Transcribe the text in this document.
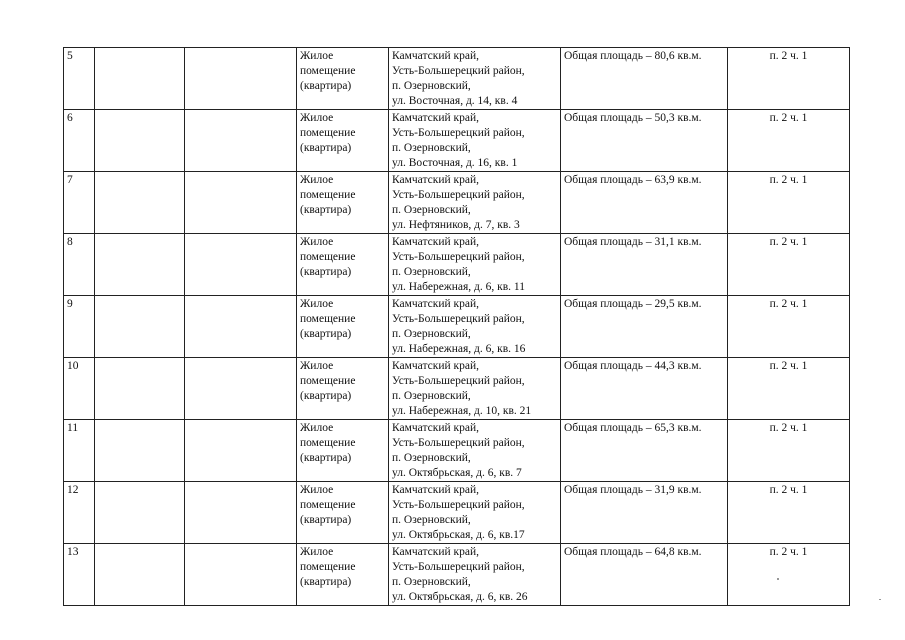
5			Жилое
помещение
(квартира)	Камчатский край,
Усть-Большерецкий район,
п. Озерновский,
ул. Восточная, д. 14, кв. 4	Общая площадь – 80,6 кв.м.	п. 2 ч. 1

6			Жилое
помещение
(квартира)	Камчатский край,
Усть-Большерецкий район,
п. Озерновский,
ул. Восточная, д. 16, кв. 1	Общая площадь – 50,3 кв.м.	п. 2 ч. 1

7			Жилое
помещение
(квартира)	Камчатский край,
Усть-Большерецкий район,
п. Озерновский,
ул. Нефтяников, д. 7, кв. 3	Общая площадь – 63,9 кв.м.	п. 2 ч. 1

8			Жилое
помещение
(квартира)	Камчатский край,
Усть-Большерецкий район,
п. Озерновский,
ул. Набережная, д. 6, кв. 11	Общая площадь – 31,1 кв.м.	п. 2 ч. 1

9			Жилое
помещение
(квартира)	Камчатский край,
Усть-Большерецкий район,
п. Озерновский,
ул. Набережная, д. 6, кв. 16	Общая площадь – 29,5 кв.м.	п. 2 ч. 1

10			Жилое
помещение
(квартира)	Камчатский край,
Усть-Большерецкий район,
п. Озерновский,
ул. Набережная, д. 10, кв. 21	Общая площадь – 44,3 кв.м.	п. 2 ч. 1

11			Жилое
помещение
(квартира)	Камчатский край,
Усть-Большерецкий район,
п. Озерновский,
ул. Октябрьская, д. 6, кв. 7	Общая площадь – 65,3 кв.м.	п. 2 ч. 1

12			Жилое
помещение
(квартира)	Камчатский край,
Усть-Большерецкий район,
п. Озерновский,
ул. Октябрьская, д. 6, кв.17	Общая площадь – 31,9 кв.м.	п. 2 ч. 1

13			Жилое
помещение
(квартира)	Камчатский край,
Усть-Большерецкий район,
п. Озерновский,
ул. Октябрьская, д. 6, кв. 26	Общая площадь – 64,8 кв.м.	п. 2 ч. 1
